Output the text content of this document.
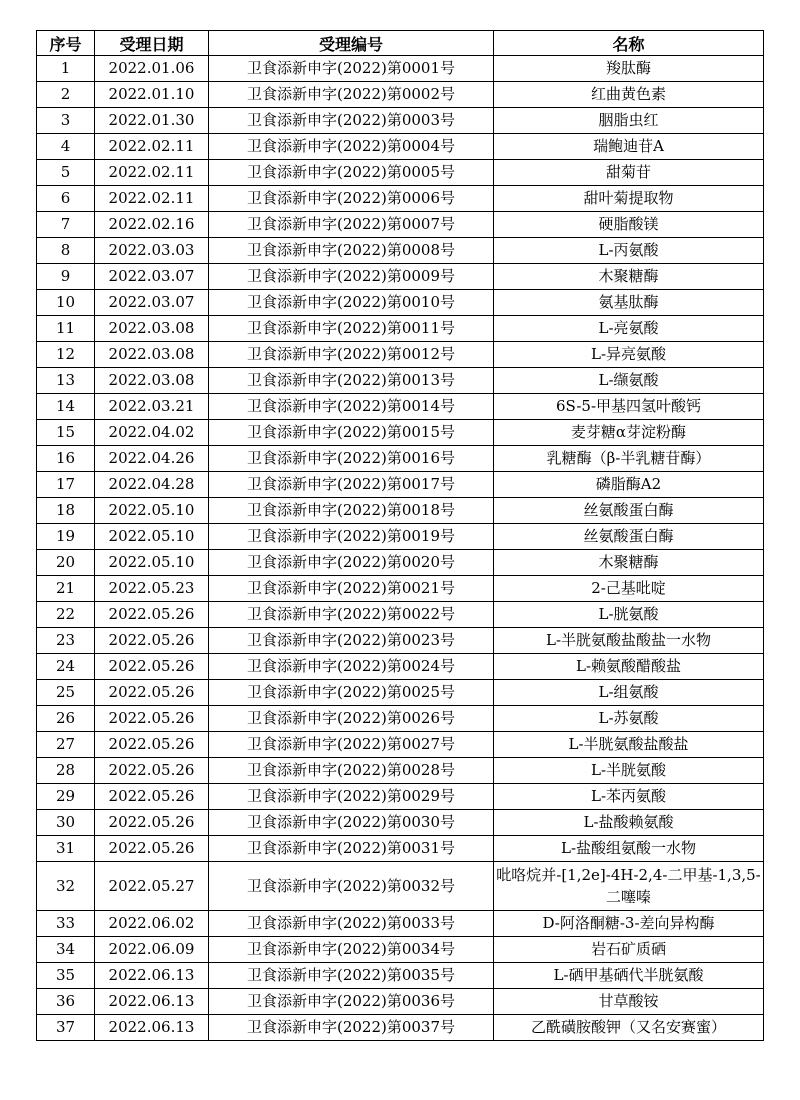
序号	受理日期	受理编号	名称
1	2022.01.06	卫食添新申字(2022)第0001号	羧肽酶
2	2022.01.10	卫食添新申字(2022)第0002号	红曲黄色素
3	2022.01.30	卫食添新申字(2022)第0003号	胭脂虫红
4	2022.02.11	卫食添新申字(2022)第0004号	瑞鲍迪苷A
5	2022.02.11	卫食添新申字(2022)第0005号	甜菊苷
6	2022.02.11	卫食添新申字(2022)第0006号	甜叶菊提取物
7	2022.02.16	卫食添新申字(2022)第0007号	硬脂酸镁
8	2022.03.03	卫食添新申字(2022)第0008号	L-丙氨酸
9	2022.03.07	卫食添新申字(2022)第0009号	木聚糖酶
10	2022.03.07	卫食添新申字(2022)第0010号	氨基肽酶
11	2022.03.08	卫食添新申字(2022)第0011号	L-亮氨酸
12	2022.03.08	卫食添新申字(2022)第0012号	L-异亮氨酸
13	2022.03.08	卫食添新申字(2022)第0013号	L-缬氨酸
14	2022.03.21	卫食添新申字(2022)第0014号	6S-5-甲基四氢叶酸钙
15	2022.04.02	卫食添新申字(2022)第0015号	麦芽糖α芽淀粉酶
16	2022.04.26	卫食添新申字(2022)第0016号	乳糖酶（β-半乳糖苷酶）
17	2022.04.28	卫食添新申字(2022)第0017号	磷脂酶A2
18	2022.05.10	卫食添新申字(2022)第0018号	丝氨酸蛋白酶
19	2022.05.10	卫食添新申字(2022)第0019号	丝氨酸蛋白酶
20	2022.05.10	卫食添新申字(2022)第0020号	木聚糖酶
21	2022.05.23	卫食添新申字(2022)第0021号	2-己基吡啶
22	2022.05.26	卫食添新申字(2022)第0022号	L-胱氨酸
23	2022.05.26	卫食添新申字(2022)第0023号	L-半胱氨酸盐酸盐一水物
24	2022.05.26	卫食添新申字(2022)第0024号	L-赖氨酸醋酸盐
25	2022.05.26	卫食添新申字(2022)第0025号	L-组氨酸
26	2022.05.26	卫食添新申字(2022)第0026号	L-苏氨酸
27	2022.05.26	卫食添新申字(2022)第0027号	L-半胱氨酸盐酸盐
28	2022.05.26	卫食添新申字(2022)第0028号	L-半胱氨酸
29	2022.05.26	卫食添新申字(2022)第0029号	L-苯丙氨酸
30	2022.05.26	卫食添新申字(2022)第0030号	L-盐酸赖氨酸
31	2022.05.26	卫食添新申字(2022)第0031号	L-盐酸组氨酸一水物
32	2022.05.27	卫食添新申字(2022)第0032号	吡咯烷并-[1,2e]-4H-2,4-二甲基-1,3,5-二噻嗪
33	2022.06.02	卫食添新申字(2022)第0033号	D-阿洛酮糖-3-差向异构酶
34	2022.06.09	卫食添新申字(2022)第0034号	岩石矿质硒
35	2022.06.13	卫食添新申字(2022)第0035号	L-硒甲基硒代半胱氨酸
36	2022.06.13	卫食添新申字(2022)第0036号	甘草酸铵
37	2022.06.13	卫食添新申字(2022)第0037号	乙酰磺胺酸钾（又名安赛蜜）
